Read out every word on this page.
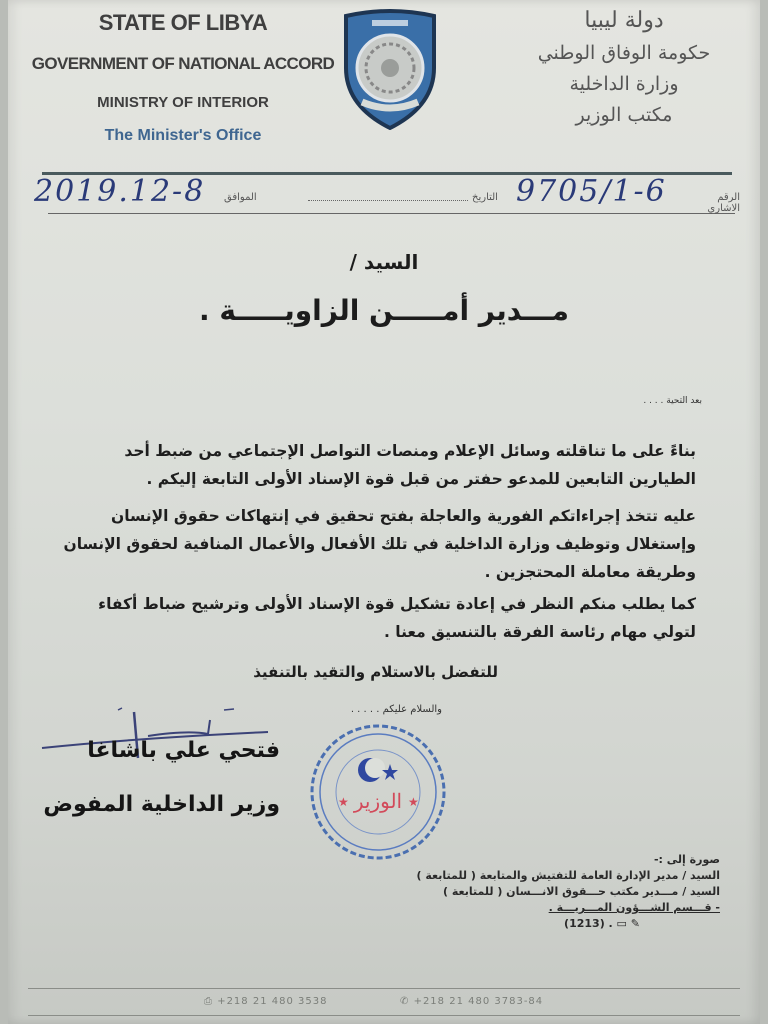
STATE OF LIBYA
GOVERNMENT OF NATIONAL ACCORD
MINISTRY OF INTERIOR
The Minister's Office
دولة ليبيا
حكومة الوفاق الوطني
وزارة الداخلية
مكتب الوزير
2019.12-8 الموافق	التاريخ 9705/1-6	الرقم الاشاري
السيد /
مـــدير أمـــــن الزاويـــــة .
بعد التحية . . . .
بناءً على ما تناقلته وسائل الإعلام ومنصات التواصل الإجتماعي من ضبط أحد الطيارين التابعين للمدعو حفتر من قبل قوة الإسناد الأولى التابعة إليكم .
عليه تتخذ إجراءاتكم الفورية والعاجلة بفتح تحقيق في إنتهاكات حقوق الإنسان وإستغلال وتوظيف وزارة الداخلية في تلك الأفعال والأعمال المنافية لحقوق الإنسان وطريقة معاملة المحتجزين .
كما يطلب منكم النظر في إعادة تشكيل قوة الإسناد الأولى وترشيح ضباط أكفاء لتولي مهام رئاسة الفرقة بالتنسيق معنا .
للتفضل بالاستلام والتقيد بالتنفيذ
والسلام عليكم . . . . .
فتحي علي باشاغا
وزير الداخلية المفوض	الوزير
★	★
صورة إلى :-
السيد / مدير الإدارة العامة للتفتيش والمتابعة ( للمتابعة )
السيد / مـــدير مكتب حـــقوق الانـــسان ( للمتابعة )
- قـــسم الشـــؤون المـــريـــة .
(1213) . ▭ ✎
⎙ +218 21 480 3538	✆ +218 21 480 3783-84
